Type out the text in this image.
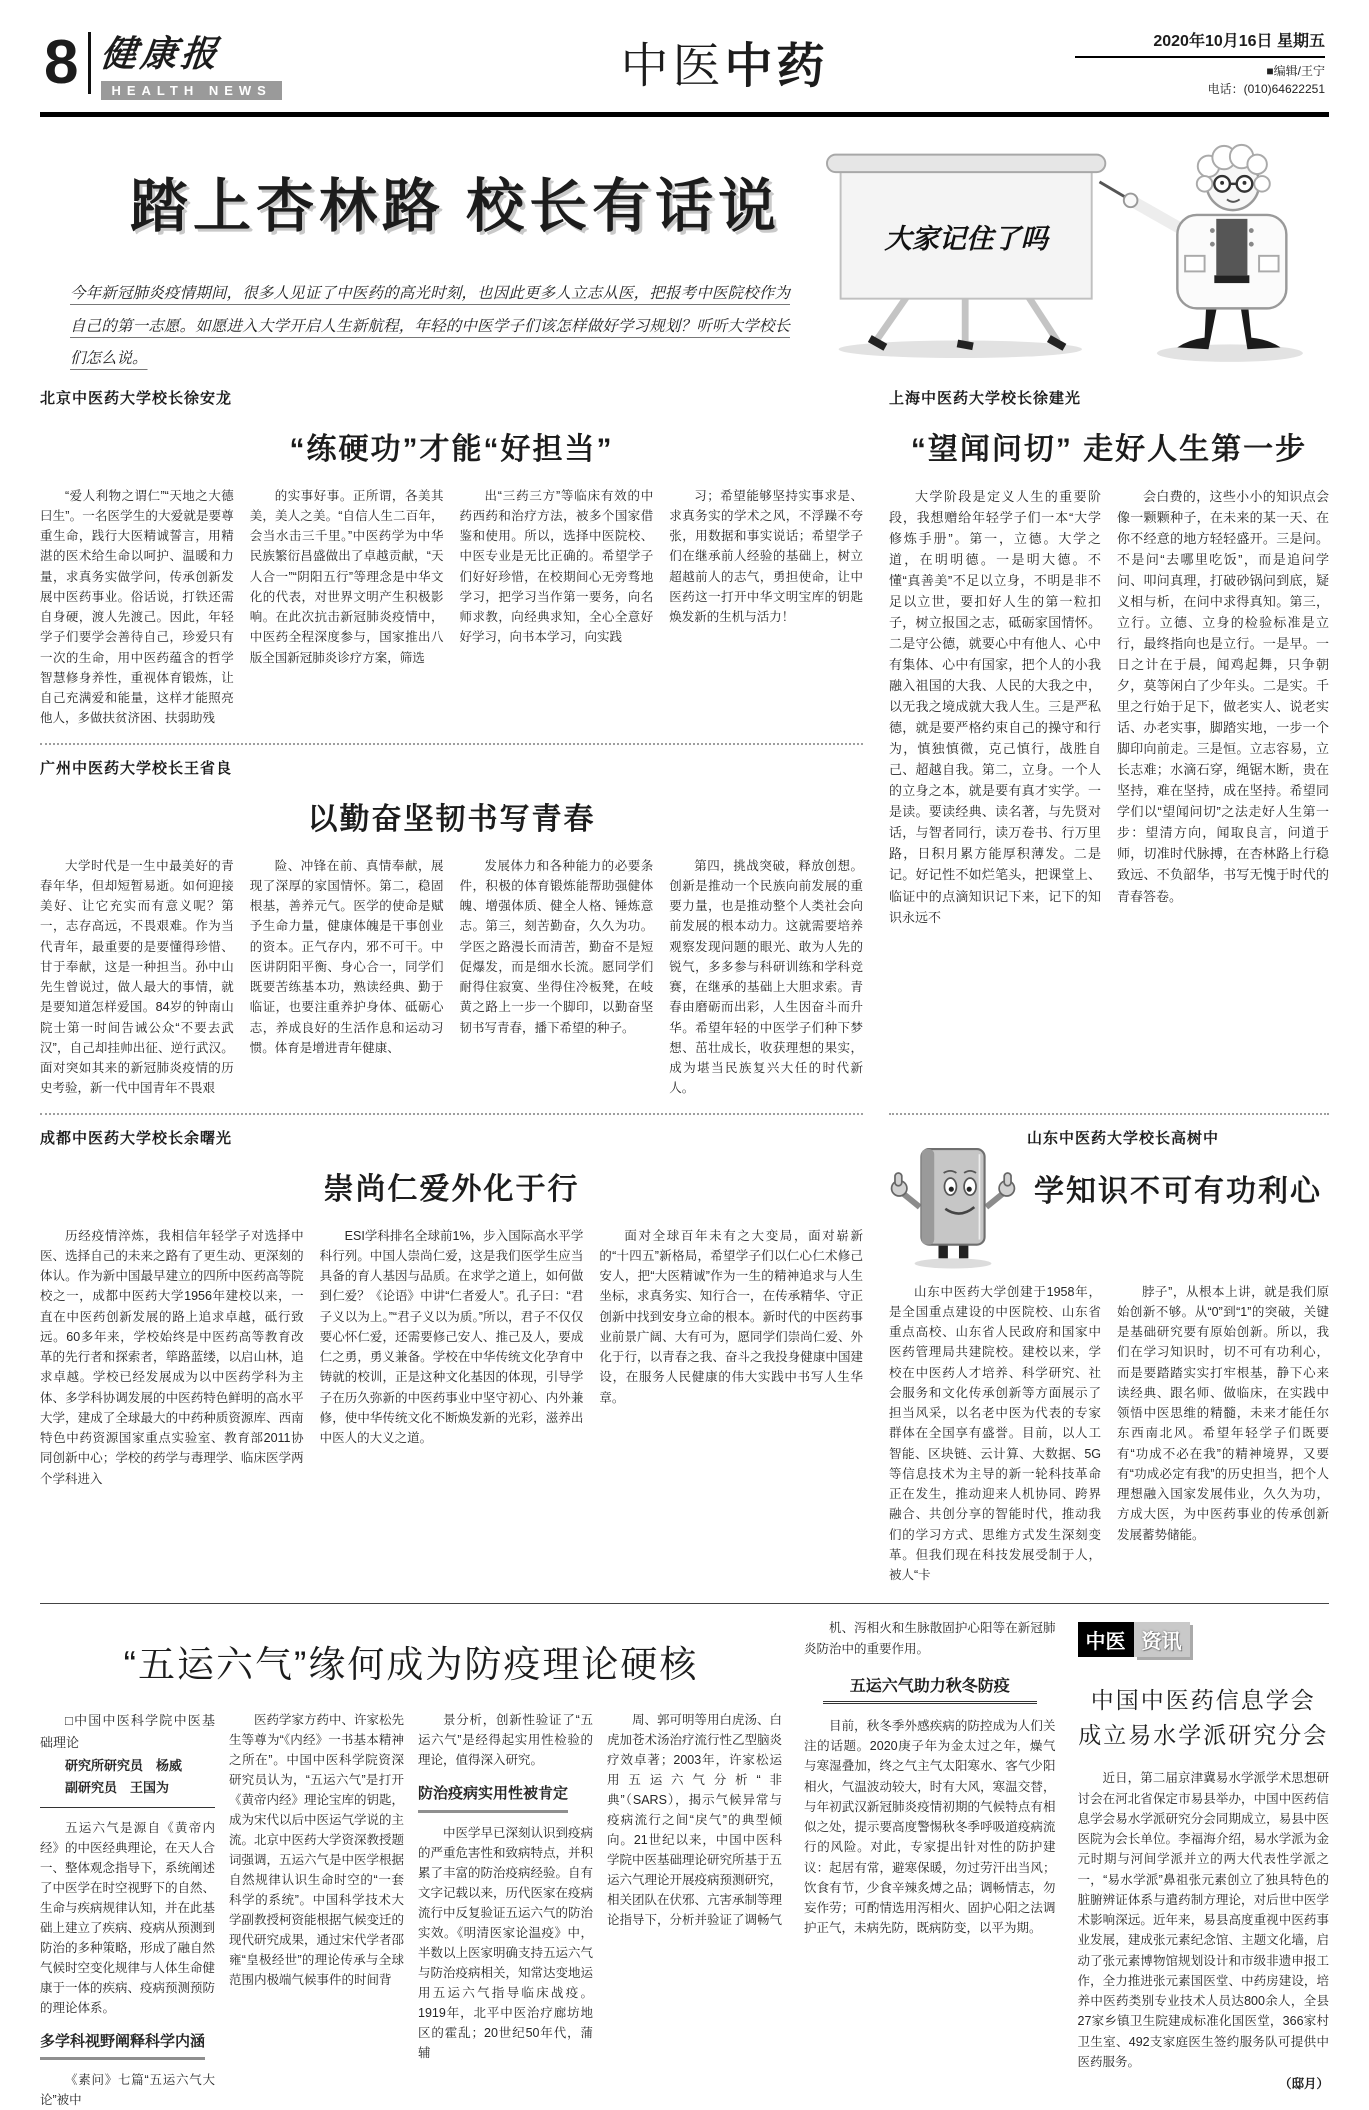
8 健康报
HEALTH NEWS	中医中药	2020年10月16日 星期五
■编辑/王宁
电话：(010)64622251
踏上杏林路 校长有话说

今年新冠肺炎疫情期间，很多人见证了中医药的高光时刻，也因此更多人立志从医，把报考中医院校作为自己的第一志愿。如愿进入大学开启人生新航程，年轻的中医学子们该怎样做好学习规划？听听大学校长们怎么说。

大家记住了吗
北京中医药大学校长徐安龙
“练硬功”才能“好担当”
“爱人利物之谓仁”“天地之大德曰生”。一名医学生的大爱就是要尊重生命，践行大医精诚誓言，用精湛的医术给生命以呵护、温暖和力量，求真务实做学问，传承创新发展中医药事业。俗话说，打铁还需自身硬，渡人先渡己。因此，年轻学子们要学会善待自己，珍爱只有一次的生命，用中医药蕴含的哲学智慧修身养性，重视体育锻炼，让自己充满爱和能量，这样才能照亮他人，多做扶贫济困、扶弱助残
的实事好事。正所谓，各美其美，美人之美。“自信人生二百年，会当水击三千里。”中医药学为中华民族繁衍昌盛做出了卓越贡献，“天人合一”“阴阳五行”等理念是中华文化的代表，对世界文明产生积极影响。在此次抗击新冠肺炎疫情中，中医药全程深度参与，国家推出八版全国新冠肺炎诊疗方案，筛选
出“三药三方”等临床有效的中药西药和治疗方法，被多个国家借鉴和使用。所以，选择中医院校、中医专业是无比正确的。希望学子们好好珍惜，在校期间心无旁骛地学习，把学习当作第一要务，向名师求教，向经典求知，全心全意好好学习，向书本学习，向实践
习；希望能够坚持实事求是、求真务实的学术之风，不浮躁不夸张，用数据和事实说话；希望学子们在继承前人经验的基础上，树立超越前人的志气，勇担使命，让中医药这一打开中华文明宝库的钥匙焕发新的生机与活力！
上海中医药大学校长徐建光
“望闻问切” 走好人生第一步
大学阶段是定义人生的重要阶段，我想赠给年轻学子们一本“大学修炼手册”。第一，立德。大学之道，在明明德。一是明大德。不懂“真善美”不足以立身，不明是非不足以立世，要扣好人生的第一粒扣子，树立报国之志，砥砺家国情怀。二是守公德，就要心中有他人、心中有集体、心中有国家，把个人的小我融入祖国的大我、人民的大我之中，以无我之境成就大我人生。三是严私德，就是要严格约束自己的操守和行为，慎独慎微，克己慎行，战胜自己、超越自我。第二，立身。一个人的立身之本，就是要有真才实学。一是读。要读经典、读名著，与先贤对话，与智者同行，读万卷书、行万里路，日积月累方能厚积薄发。二是记。好记性不如烂笔头，把课堂上、临证中的点滴知识记下来，记下的知识永远不
会白费的，这些小小的知识点会像一颗颗种子，在未来的某一天、在你不经意的地方轻轻盛开。三是问。不是问“去哪里吃饭”，而是追问学问、叩问真理，打破砂锅问到底，疑义相与析，在问中求得真知。第三，立行。立德、立身的检验标准是立行，最终指向也是立行。一是早。一日之计在于晨，闻鸡起舞，只争朝夕，莫等闲白了少年头。二是实。千里之行始于足下，做老实人、说老实话、办老实事，脚踏实地，一步一个脚印向前走。三是恒。立志容易，立长志难；水滴石穿，绳锯木断，贵在坚持，难在坚持，成在坚持。希望同学们以“望闻问切”之法走好人生第一步：望清方向，闻取良言，问道于师，切准时代脉搏，在杏林路上行稳致远、不负韶华，书写无愧于时代的青春答卷。
广州中医药大学校长王省良
以勤奋坚韧书写青春
大学时代是一生中最美好的青春年华，但却短暂易逝。如何迎接美好、让它充实而有意义呢？第一，志存高远，不畏艰难。作为当代青年，最重要的是要懂得珍惜、甘于奉献，这是一种担当。孙中山先生曾说过，做人最大的事情，就是要知道怎样爱国。84岁的钟南山院士第一时间告诫公众“不要去武汉”，自己却挂帅出征、逆行武汉。面对突如其来的新冠肺炎疫情的历史考验，新一代中国青年不畏艰
险、冲锋在前、真情奉献，展现了深厚的家国情怀。第二，稳固根基，善养元气。医学的使命是赋予生命力量，健康体魄是干事创业的资本。正气存内，邪不可干。中医讲阴阳平衡、身心合一，同学们既要苦练基本功，熟读经典、勤于临证，也要注重养护身体、砥砺心志，养成良好的生活作息和运动习惯。体育是增进青年健康、
发展体力和各种能力的必要条件，积极的体育锻炼能帮助强健体魄、增强体质、健全人格、锤炼意志。第三，刻苦勤奋，久久为功。学医之路漫长而清苦，勤奋不是短促爆发，而是细水长流。愿同学们耐得住寂寞、坐得住冷板凳，在岐黄之路上一步一个脚印，以勤奋坚韧书写青春，播下希望的种子。
第四，挑战突破，释放创想。创新是推动一个民族向前发展的重要力量，也是推动整个人类社会向前发展的根本动力。这就需要培养观察发现问题的眼光、敢为人先的锐气，多多参与科研训练和学科竞赛，在继承的基础上大胆求索。青春由磨砺而出彩，人生因奋斗而升华。希望年轻的中医学子们种下梦想、茁壮成长，收获理想的果实，成为堪当民族复兴大任的时代新人。
成都中医药大学校长余曙光
崇尚仁爱外化于行
历经疫情淬炼，我相信年轻学子对选择中医、选择自己的未来之路有了更生动、更深刻的体认。作为新中国最早建立的四所中医药高等院校之一，成都中医药大学1956年建校以来，一直在中医药创新发展的路上追求卓越，砥行致远。60多年来，学校始终是中医药高等教育改革的先行者和探索者，筚路蓝缕，以启山林，追求卓越。学校已经发展成为以中医药学科为主体、多学科协调发展的中医药特色鲜明的高水平大学，建成了全球最大的中药种质资源库、西南特色中药资源国家重点实验室、教育部2011协同创新中心；学校的药学与毒理学、临床医学两个学科进入
ESI学科排名全球前1%，步入国际高水平学科行列。中国人崇尚仁爱，这是我们医学生应当具备的育人基因与品质。在求学之道上，如何做到仁爱？《论语》中讲“仁者爱人”。孔子曰：“君子义以为上。”“君子义以为质。”所以，君子不仅仅要心怀仁爱，还需要修己安人、推己及人，要成仁之勇，勇义兼备。学校在中华传统文化孕育中铸就的校训，正是这种文化基因的体现，引导学子在历久弥新的中医药事业中坚守初心、内外兼修，使中华传统文化不断焕发新的光彩，滋养出中医人的大义之道。
面对全球百年未有之大变局，面对崭新的“十四五”新格局，希望学子们以仁心仁术修己安人，把“大医精诚”作为一生的精神追求与人生坐标，求真务实、知行合一，在传承精华、守正创新中找到安身立命的根本。新时代的中医药事业前景广阔、大有可为，愿同学们崇尚仁爱、外化于行，以青春之我、奋斗之我投身健康中国建设，在服务人民健康的伟大实践中书写人生华章。
山东中医药大学校长高树中
学知识不可有功利心
山东中医药大学创建于1958年，是全国重点建设的中医院校、山东省重点高校、山东省人民政府和国家中医药管理局共建院校。建校以来，学校在中医药人才培养、科学研究、社会服务和文化传承创新等方面展示了担当风采，以名老中医为代表的专家群体在全国享有盛誉。目前，以人工智能、区块链、云计算、大数据、5G等信息技术为主导的新一轮科技革命正在发生，推动迎来人机协同、跨界融合、共创分享的智能时代，推动我们的学习方式、思维方式发生深刻变革。但我们现在科技发展受制于人，被人“卡
脖子”，从根本上讲，就是我们原始创新不够。从“0”到“1”的突破，关键是基础研究要有原始创新。所以，我们在学习知识时，切不可有功利心，而是要踏踏实实打牢根基，静下心来读经典、跟名师、做临床，在实践中领悟中医思维的精髓，未来才能任尔东西南北风。希望年轻学子们既要有“功成不必在我”的精神境界，又要有“功成必定有我”的历史担当，把个人理想融入国家发展伟业，久久为功，方成大医，为中医药事业的传承创新发展蓄势储能。
“五运六气”缘何成为防疫理论硬核
□中国中医科学院中医基础理论
研究所研究员　杨威
副研究员　王国为

五运六气是源自《黄帝内经》的中医经典理论，在天人合一、整体观念指导下，系统阐述了中医学在时空视野下的自然、生命与疾病规律认知，并在此基础上建立了疾病、疫病从预测到防治的多种策略，形成了融自然气候时空变化规律与人体生命健康于一体的疾病、疫病预测预防的理论体系。

多学科视野阐释科学内涵

《素问》七篇“五运六气大论”被中

医药学家方药中、许家松先生等尊为“《内经》一书基本精神之所在”。中国中医科学院资深研究员认为，“五运六气”是打开《黄帝内经》理论宝库的钥匙，成为宋代以后中医运气学说的主流。北京中医药大学资深教授题词强调，五运六气是中医学根据自然规律认识生命时空的“一套科学的系统”。中国科学技术大学副教授柯资能根据气候变迁的现代研究成果，通过宋代学者邵雍“皇极经世”的理论传承与全球范围内极端气候事件的时间背

景分析，创新性验证了“五运六气”是经得起实用性检验的理论，值得深入研究。

防治疫病实用性被肯定

中医学早已深刻认识到疫病的严重危害性和致病特点，并积累了丰富的防治疫病经验。自有文字记载以来，历代医家在疫病流行中反复验证五运六气的防治实效。《明清医家论温疫》中，半数以上医家明确支持五运六气与防治疫病相关，知常达变地运用五运六气指导临床战疫。1919年，北平中医治疗廊坊地区的霍乱；20世纪50年代，蒲辅

周、郭可明等用白虎汤、白虎加苍术汤治疗流行性乙型脑炎疗效卓著；2003年，许家松运用五运六气分析“非典”（SARS），揭示气候异常与疫病流行之间“戾气”的典型倾向。21世纪以来，中国中医科学院中医基础理论研究所基于五运六气理论开展疫病预测研究，相关团队在伏邪、亢害承制等理论指导下，分析并验证了调畅气

机、泻相火和生脉散固护心阳等在新冠肺炎防治中的重要作用。

五运六气助力秋冬防疫

目前，秋冬季外感疾病的防控成为人们关注的话题。2020庚子年为金太过之年，燥气与寒湿叠加，终之气主气太阳寒水、客气少阳相火，气温波动较大，时有大风，寒温交替，与年初武汉新冠肺炎疫情初期的气候特点有相似之处，提示要高度警惕秋冬季呼吸道疫病流行的风险。对此，专家提出针对性的防护建议：起居有常，避寒保暖，勿过劳汗出当风；饮食有节，少食辛辣炙煿之品；调畅情志，勿妄作劳；可酌情选用泻相火、固护心阳之法调护正气，未病先防，既病防变，以平为期。

中医 资讯
中国中医药信息学会
成立易水学派研究分会

近日，第二届京津冀易水学派学术思想研讨会在河北省保定市易县举办，中国中医药信息学会易水学派研究分会同期成立，易县中医医院为会长单位。李福海介绍，易水学派为金元时期与河间学派并立的两大代表性学派之一，“易水学派”鼻祖张元素创立了独具特色的脏腑辨证体系与遣药制方理论，对后世中医学术影响深远。近年来，易县高度重视中医药事业发展，建成张元素纪念馆、主题文化墙，启动了张元素博物馆规划设计和市级非遗申报工作，全力推进张元素国医堂、中药房建设，培养中医药类别专业技术人员达800余人，全县27家乡镇卫生院建成标准化国医堂，366家村卫生室、492支家庭医生签约服务队可提供中医药服务。

（邸月）
